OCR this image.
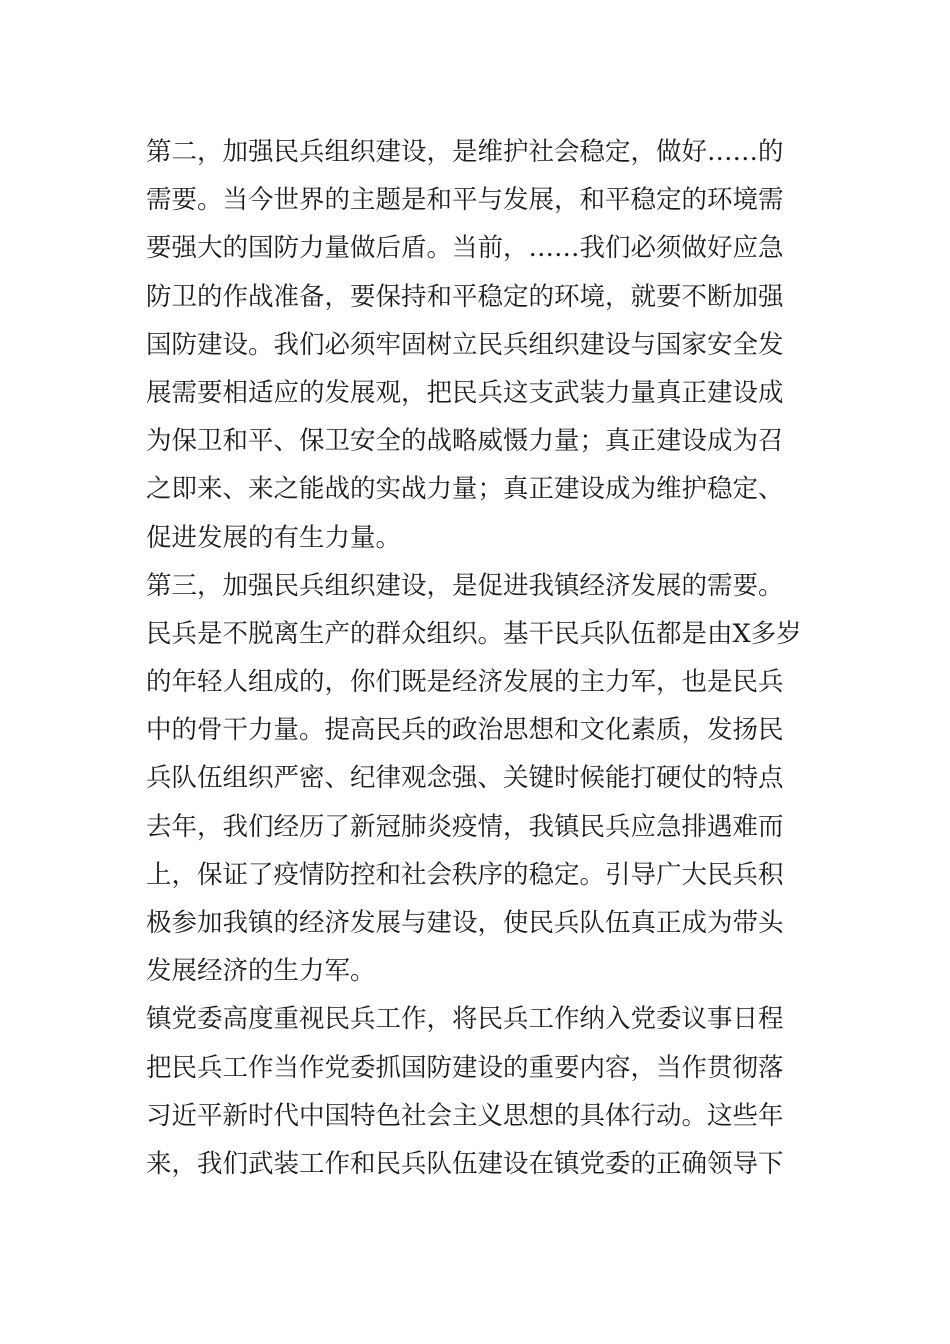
第二，加强民兵组织建设，是维护社会稳定，做好……的
需要。当今世界的主题是和平与发展，和平稳定的环境需
要强大的国防力量做后盾。当前，……我们必须做好应急
防卫的作战准备，要保持和平稳定的环境，就要不断加强
国防建设。我们必须牢固树立民兵组织建设与国家安全发
展需要相适应的发展观，把民兵这支武装力量真正建设成
为保卫和平、保卫安全的战略威慑力量；真正建设成为召
之即来、来之能战的实战力量；真正建设成为维护稳定、
促进发展的有生力量。
第三，加强民兵组织建设，是促进我镇经济发展的需要。
民兵是不脱离生产的群众组织。基干民兵队伍都是由X多岁
的年轻人组成的，你们既是经济发展的主力军，也是民兵
中的骨干力量。提高民兵的政治思想和文化素质，发扬民
兵队伍组织严密、纪律观念强、关键时候能打硬仗的特点
去年，我们经历了新冠肺炎疫情，我镇民兵应急排遇难而
上，保证了疫情防控和社会秩序的稳定。引导广大民兵积
极参加我镇的经济发展与建设，使民兵队伍真正成为带头
发展经济的生力军。
镇党委高度重视民兵工作，将民兵工作纳入党委议事日程
把民兵工作当作党委抓国防建设的重要内容，当作贯彻落
习近平新时代中国特色社会主义思想的具体行动。这些年
来，我们武装工作和民兵队伍建设在镇党委的正确领导下
